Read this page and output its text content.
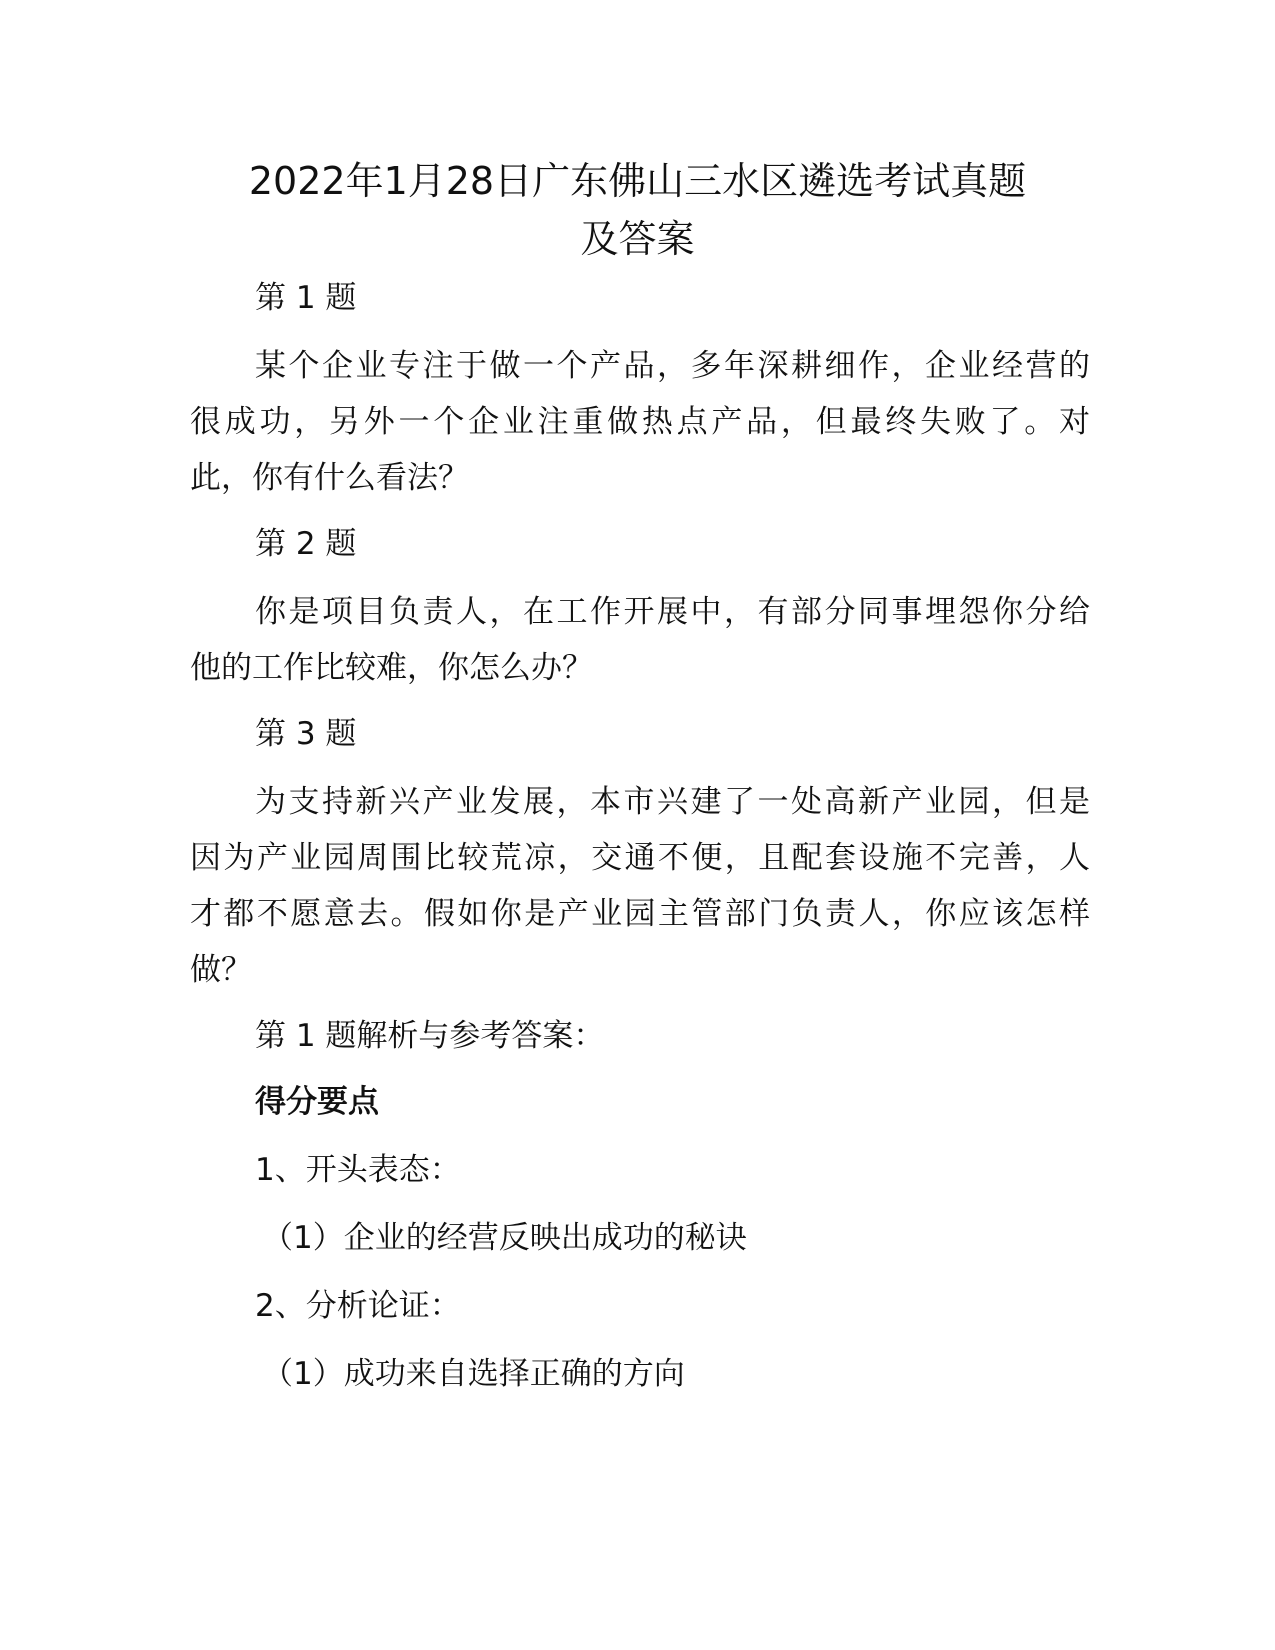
2022年1月28日广东佛山三水区遴选考试真题
及答案

第 1 题

某个企业专注于做一个产品，多年深耕细作，企业经营的

很成功，另外一个企业注重做热点产品，但最终失败了。对

此，你有什么看法？

第 2 题

你是项目负责人，在工作开展中，有部分同事埋怨你分给

他的工作比较难，你怎么办？

第 3 题

为支持新兴产业发展，本市兴建了一处高新产业园，但是

因为产业园周围比较荒凉，交通不便，且配套设施不完善，人

才都不愿意去。假如你是产业园主管部门负责人，你应该怎样

做？

第 1 题解析与参考答案：

得分要点

1、开头表态：

（1）企业的经营反映出成功的秘诀

2、分析论证：

（1）成功来自选择正确的方向
